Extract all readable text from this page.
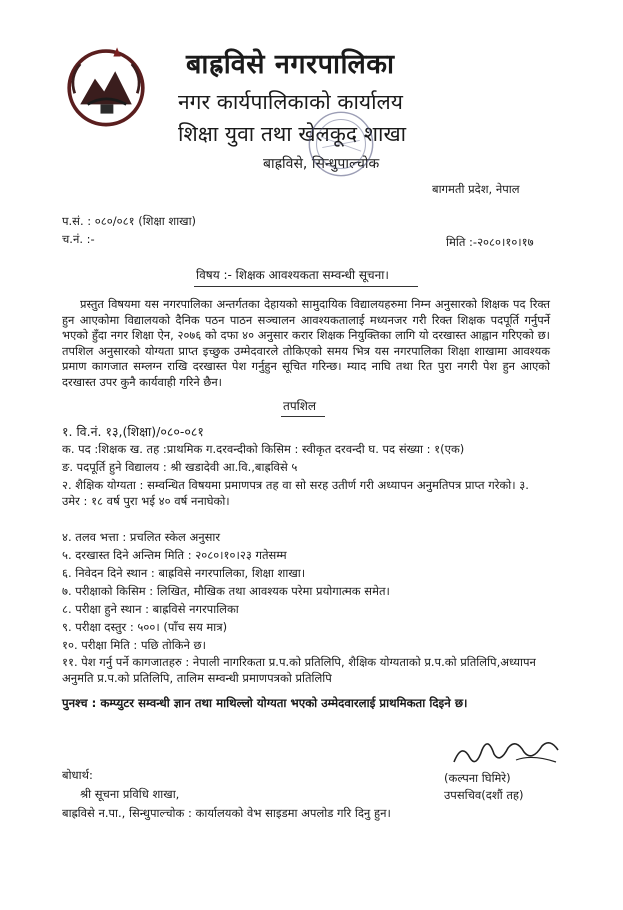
बाह्रविसे नगरपालिका
नगर कार्यपालिकाको कार्यालय
शिक्षा युवा तथा खेलकूद शाखा
बाह्रविसे, सिन्धुपाल्चोक
बागमती प्रदेश, नेपाल
प.सं. : ०८०/०८१ (शिक्षा शाखा)
च.नं. :-	मिति :-२०८०।१०।१७
विषय :- शिक्षक आवश्यकता सम्वन्धी सूचना।
प्रस्तुत विषयमा यस नगरपालिका अन्तर्गतका देहायको सामुदायिक विद्यालयहरुमा निम्न अनुसारको शिक्षक पद रिक्त हुन आएकोमा विद्यालयको दैनिक पठन पाठन सञ्चालन आवश्यकतालाई मध्यनजर गरी रिक्त शिक्षक पदपूर्ति गर्नुपर्ने भएको हुँदा नगर शिक्षा ऐन, २०७६ को दफा ४० अनुसार करार शिक्षक नियुक्तिका लागि यो दरखास्त आह्वान गरिएको छ। तपशिल अनुसारको योग्यता प्राप्त इच्छुक उम्मेदवारले तोकिएको समय भित्र यस नगरपालिका शिक्षा शाखामा आवश्यक प्रमाण कागजात सम्लग्न राखि दरखास्त पेश गर्नुहुन सूचित गरिन्छ। म्याद नाघि तथा रित पुरा नगरी पेश हुन आएको दरखास्त उपर कुनै कार्यवाही गरिने छैन।
तपशिल
१. वि.नं. १३,(शिक्षा)/०८०-०८१
क. पद :शिक्षक ख. तह :प्राथमिक ग.दरवन्दीको किसिम : स्वीकृत दरवन्दी घ. पद संख्या : १(एक)
ङ. पदपूर्ति हुने विद्यालय : श्री खडादेवी आ.वि.,बाह्रविसे ५
२. शैक्षिक योग्यता : सम्वन्धित विषयमा प्रमाणपत्र तह वा सो सरह उतीर्ण गरी अध्यापन अनुमतिपत्र प्राप्त गरेको। ३. उमेर : १८ वर्ष पुरा भई ४० वर्ष ननाघेको।
४. तलव भत्ता : प्रचलित स्केल अनुसार
५. दरखास्त दिने अन्तिम मिति : २०८०।१०।२३ गतेसम्म
६. निवेदन दिने स्थान : बाह्रविसे नगरपालिका, शिक्षा शाखा।
७. परीक्षाको किसिम : लिखित, मौखिक तथा आवश्यक परेमा प्रयोगात्मक समेत।
८. परीक्षा हुने स्थान : बाह्रविसे नगरपालिका
९. परीक्षा दस्तुर : ५००। (पाँच सय मात्र)
१०. परीक्षा मिति : पछि तोकिने छ।
११. पेश गर्नु पर्ने कागजातहरु : नेपाली नागरिकता प्र.प.को प्रतिलिपि, शैक्षिक योग्यताको प्र.प.को प्रतिलिपि,अध्यापन अनुमति प्र.प.को प्रतिलिपि, तालिम सम्वन्धी प्रमाणपत्रको प्रतिलिपि
पुनश्च : कम्प्युटर सम्वन्धी ज्ञान तथा माथिल्लो योग्यता भएको उम्मेदवारलाई प्राथमिकता दिइने छ।
(कल्पना घिमिरे)
उपसचिव(दशौं तह)
बोधार्थ:
श्री सूचना प्रविधि शाखा,
बाह्रविसे न.पा., सिन्धुपाल्चोक : कार्यालयको वेभ साइडमा अपलोड गरि दिनु हुन।
